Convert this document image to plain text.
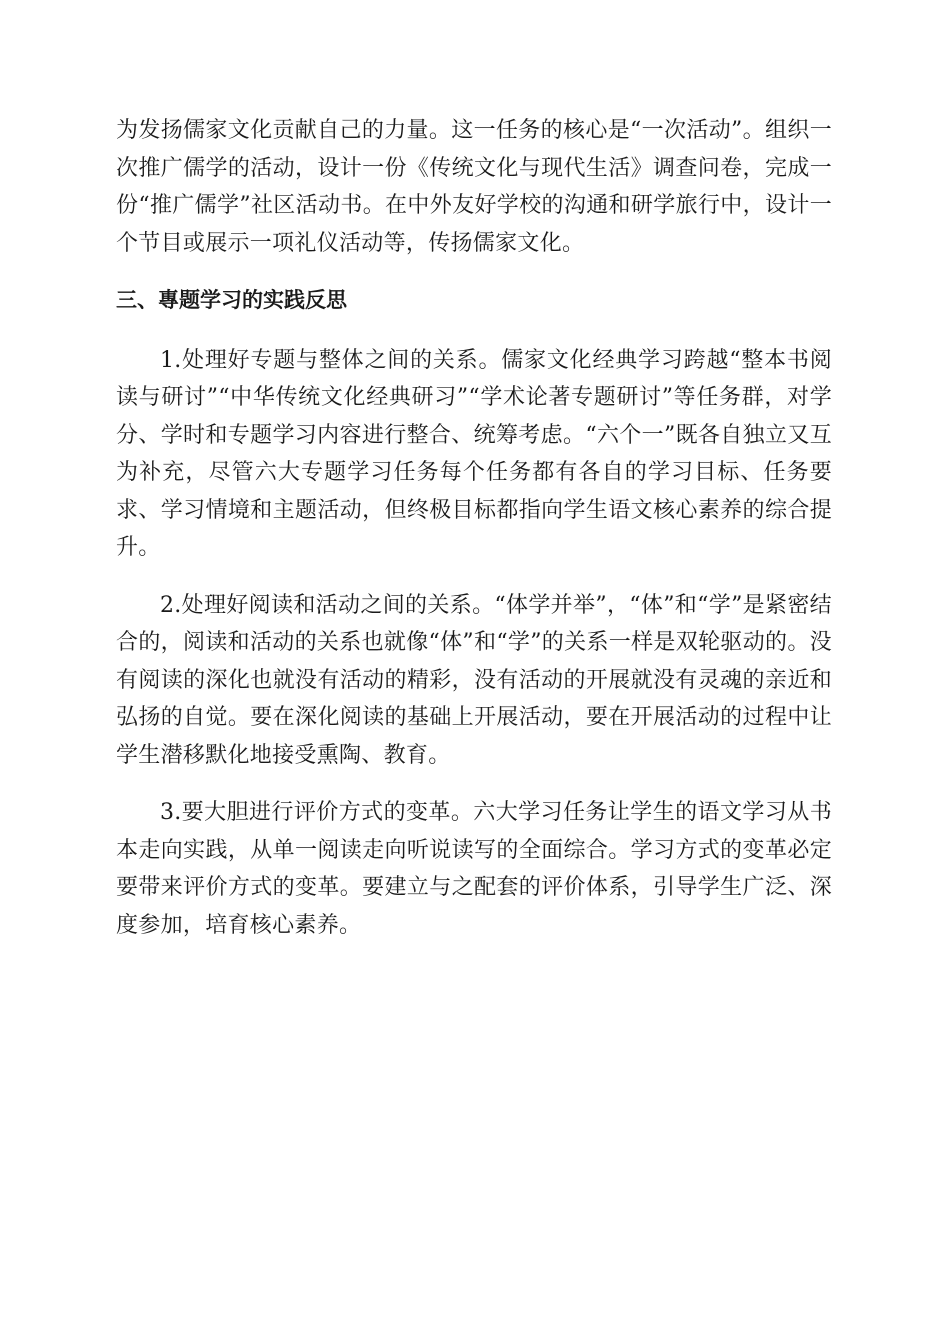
为发扬儒家文化贡献自己的力量。这一任务的核心是“一次活动”。组织一次推广儒学的活动，设计一份《传统文化与现代生活》调查问卷，完成一份“推广儒学”社区活动书。在中外友好学校的沟通和研学旅行中，设计一个节目或展示一项礼仪活动等，传扬儒家文化。

三、專题学习的实践反思

1.处理好专题与整体之间的关系。儒家文化经典学习跨越“整本书阅读与研讨”“中华传统文化经典研习”“学术论著专题研讨”等任务群，对学分、学时和专题学习内容进行整合、统筹考虑。“六个一”既各自独立又互为补充，尽管六大专题学习任务每个任务都有各自的学习目标、任务要求、学习情境和主题活动，但终极目标都指向学生语文核心素养的综合提升。

2.处理好阅读和活动之间的关系。“体学并举”，“体”和“学”是紧密结合的，阅读和活动的关系也就像“体”和“学”的关系一样是双轮驱动的。没有阅读的深化也就没有活动的精彩，没有活动的开展就没有灵魂的亲近和弘扬的自觉。要在深化阅读的基础上开展活动，要在开展活动的过程中让学生潜移默化地接受熏陶、教育。

3.要大胆进行评价方式的变革。六大学习任务让学生的语文学习从书本走向实践，从单一阅读走向听说读写的全面综合。学习方式的变革必定要带来评价方式的变革。要建立与之配套的评价体系，引导学生广泛、深度参加，培育核心素养。
